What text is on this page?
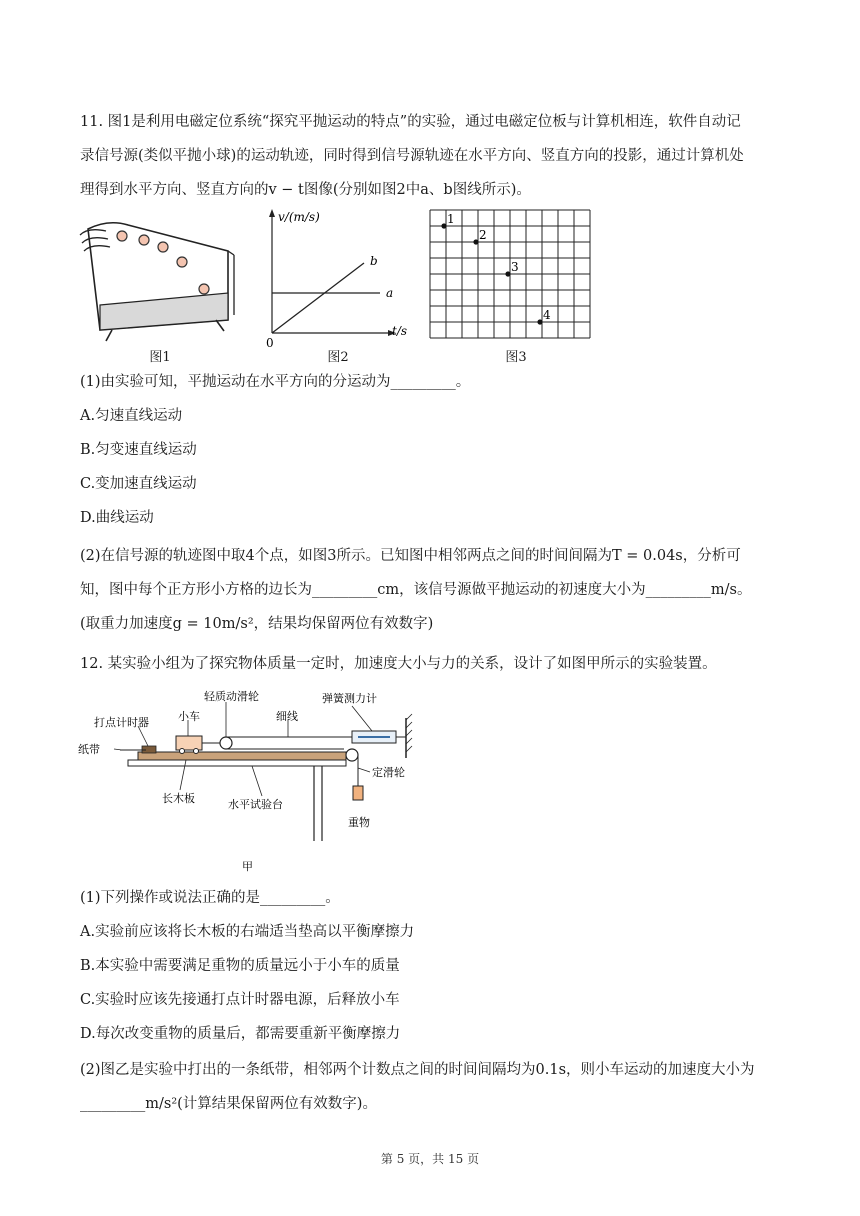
11. 图1是利用电磁定位系统“探究平抛运动的特点”的实验，通过电磁定位板与计算机相连，软件自动记
录信号源(类似平抛小球)的运动轨迹，同时得到信号源轨迹在水平方向、竖直方向的投影，通过计算机处
理得到水平方向、竖直方向的v − t图像(分别如图2中a、b图线所示)。
图1
v/(m/s)
t/s
0
a
b
图2
1
2
3
4
图3
(1)由实验可知，平抛运动在水平方向的分运动为_________。
A.匀速直线运动
B.匀变速直线运动
C.变加速直线运动
D.曲线运动
(2)在信号源的轨迹图中取4个点，如图3所示。已知图中相邻两点之间的时间间隔为T = 0.04s，分析可
知，图中每个正方形小方格的边长为_________cm，该信号源做平抛运动的初速度大小为_________m/s。
(取重力加速度g = 10m/s²，结果均保留两位有效数字)
12. 某实验小组为了探究物体质量一定时，加速度大小与力的关系，设计了如图甲所示的实验装置。
轻质动滑轮
打点计时器	小车	细线
弹簧测力计
纸带
定滑轮
长木板	水平试验台
重物
甲
(1)下列操作或说法正确的是_________。
A.实验前应该将长木板的右端适当垫高以平衡摩擦力
B.本实验中需要满足重物的质量远小于小车的质量
C.实验时应该先接通打点计时器电源，后释放小车
D.每次改变重物的质量后，都需要重新平衡摩擦力
(2)图乙是实验中打出的一条纸带，相邻两个计数点之间的时间间隔均为0.1s，则小车运动的加速度大小为
_________m/s²(计算结果保留两位有效数字)。
第 5 页，共 15 页
